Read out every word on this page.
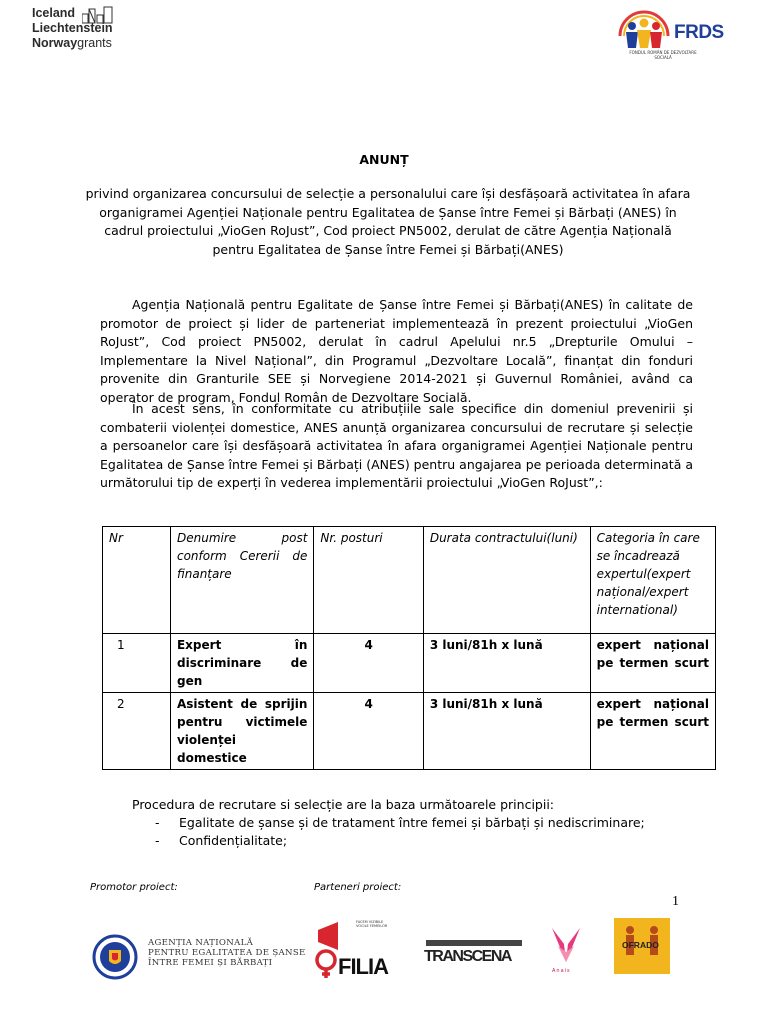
Iceland
Liechtenstein
Norwaygrants	FRDS
FONDUL ROMÂN DE DEZVOLTARE SOCIALĂ
ANUNȚ
privind organizarea concursului de selecție a personalului care își desfășoară activitatea în afara organigramei Agenției Naționale pentru Egalitatea de Șanse între Femei și Bărbați (ANES) în cadrul proiectului „VioGen RoJust”, Cod proiect PN5002, derulat de către Agenția Națională pentru Egalitatea de Șanse între Femei și Bărbați(ANES)
Agenția Națională pentru Egalitate de Șanse între Femei și Bărbați(ANES) în calitate de promotor de proiect și lider de parteneriat implementează în prezent proiectului „VioGen RoJust”, Cod proiect PN5002, derulat în cadrul Apelului nr.5 „Drepturile Omului – Implementare la Nivel Național”, din Programul „Dezvoltare Locală”, finanțat din fonduri provenite din Granturile SEE și Norvegiene 2014-2021 și Guvernul României, având ca operator de program, Fondul Român de Dezvoltare Socială.
În acest sens, în conformitate cu atribuțiile sale specifice din domeniul prevenirii și combaterii violenței domestice, ANES anunță organizarea concursului de recrutare și selecție a persoanelor care își desfășoară activitatea în afara organigramei Agenției Naționale pentru Egalitatea de Șanse între Femei și Bărbați (ANES) pentru angajarea pe perioada determinată a următorului tip de experți în vederea implementării proiectului „VioGen RoJust”,:
Nr	Denumire post conform Cererii de finanțare	Nr. posturi	Durata contractului(luni)	Categoria în care se încadrează expertul(expert național/expert international)
1	Expert în discriminare de gen	4	3 luni/81h x lună	expert național pe termen scurt
2	Asistent de sprijin pentru victimele violenței domestice	4	3 luni/81h x lună	expert național pe termen scurt
Procedura de recrutare si selecție are la baza următoarele principii:
-	Egalitate de șanse și de tratament între femei și bărbați și nediscriminare;
-	Confidențialitate;
Promotor proiect:	Parteneri proiect:
1
AGENȚIA NAȚIONALĂ
PENTRU EGALITATEA DE ȘANSE
ÎNTRE FEMEI ȘI BĂRBAȚI
FACEM VIZIBILE VOCILE FEMEILOR
FILIA TRANSCENA
Anais
OFRADO
